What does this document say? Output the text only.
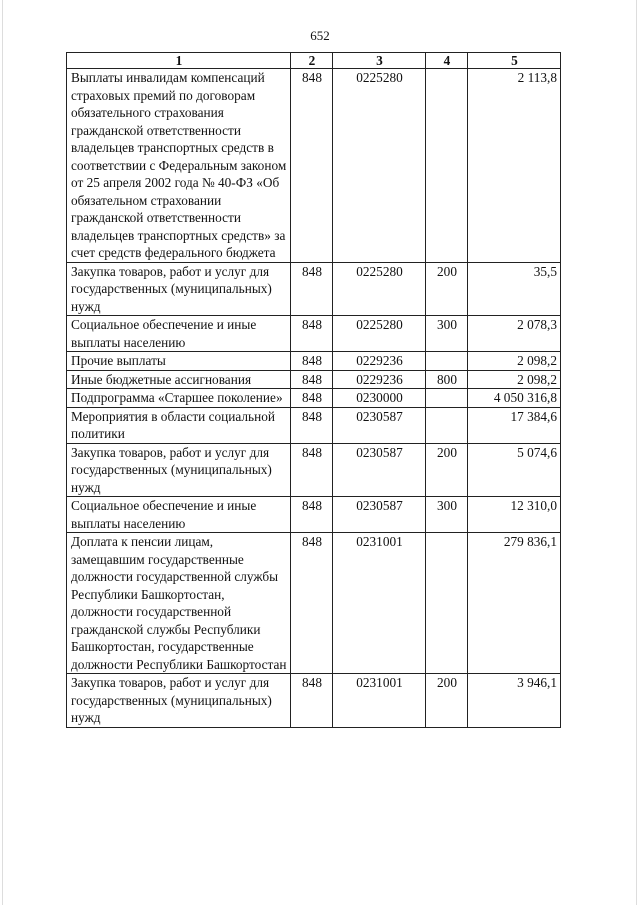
652
1	2	3	4	5
Выплаты инвалидам компенсаций страховых премий по договорам обязательного страхования гражданской ответственности владельцев транспортных средств в соответствии с Федеральным законом от 25 апреля 2002 года № 40-ФЗ «Об обязательном страховании гражданской ответственности владельцев транспортных средств» за счет средств федерального бюджета	848	0225280		2 113,8
Закупка товаров, работ и услуг для государственных (муниципальных) нужд	848	0225280	200	35,5
Социальное обеспечение и иные выплаты населению	848	0225280	300	2 078,3
Прочие выплаты	848	0229236		2 098,2
Иные бюджетные ассигнования	848	0229236	800	2 098,2
Подпрограмма «Старшее поколение»	848	0230000		4 050 316,8
Мероприятия в области социальной политики	848	0230587		17 384,6
Закупка товаров, работ и услуг для государственных (муниципальных) нужд	848	0230587	200	5 074,6
Социальное обеспечение и иные выплаты населению	848	0230587	300	12 310,0
Доплата к пенсии лицам, замещавшим государственные должности государственной службы Республики Башкортостан, должности государственной гражданской службы Республики Башкортостан, государственные должности Республики Башкортостан	848	0231001		279 836,1
Закупка товаров, работ и услуг для государственных (муниципальных) нужд	848	0231001	200	3 946,1
